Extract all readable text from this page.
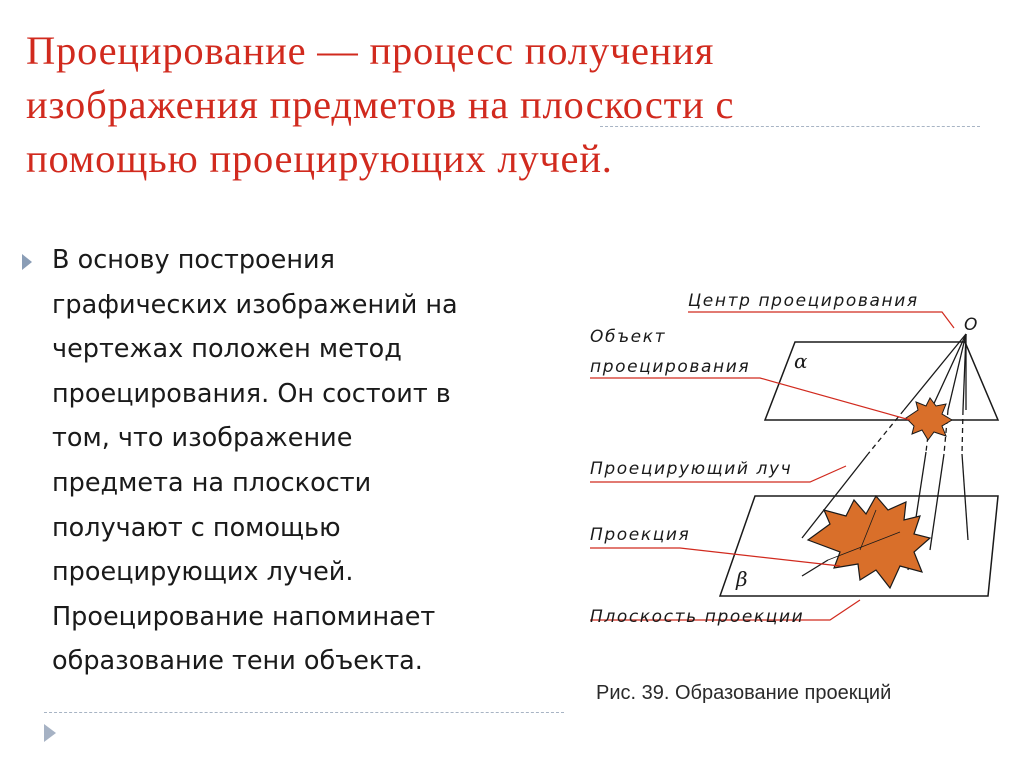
Проецирование — процесс получения
изображения предметов на плоскости с
помощью проецирующих лучей.

В основу построения
графических изображений на
чертежах положен метод
проецирования. Он состоит в
том, что изображение
предмета на плоскости
получают с помощью
проецирующих лучей.
Проецирование напоминает
образование тени объекта.

Центр проецирования
O
Объект
проецирования
Проецирующий луч
Проекция
Плоскость проекции
α
β

Рис. 39. Образование проекций
